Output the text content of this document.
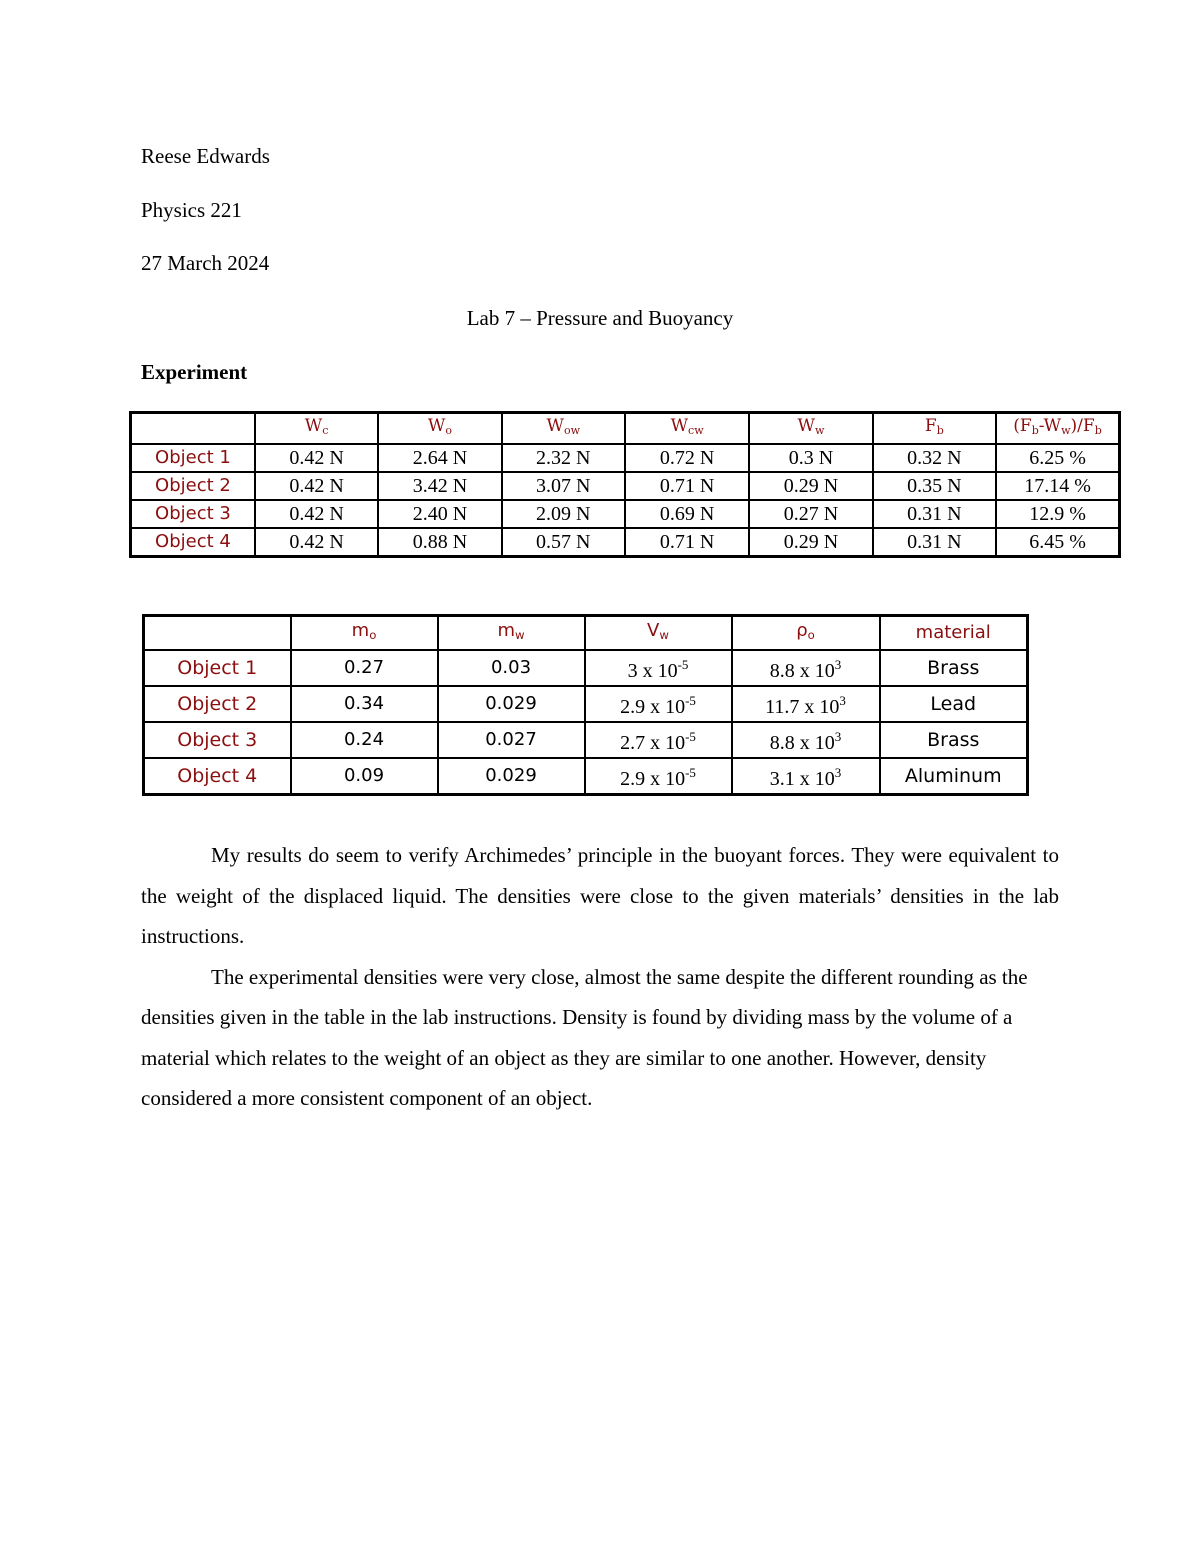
Reese Edwards
Physics 221
27 March 2024
Lab 7 – Pressure and Buoyancy
Experiment
	$W_c$	$W_o$	$W_{ow}$	$W_{cw}$	$W_w$	$F_b$	$(F_b-W_w)/F_b$
Object 1	0.42 N	2.64 N	2.32 N	0.72 N	0.3 N	0.32 N	6.25 %
Object 2	0.42 N	3.42 N	3.07 N	0.71 N	0.29 N	0.35 N	17.14 %
Object 3	0.42 N	2.40 N	2.09 N	0.69 N	0.27 N	0.31 N	12.9 %
Object 4	0.42 N	0.88 N	0.57 N	0.71 N	0.29 N	0.31 N	6.45 %
	$m_o$	$m_w$	$V_w$	$\rho_o$	material
Object 1	0.27	0.03	3 x $10^{-5}$	8.8 x $10^3$	Brass
Object 2	0.34	0.029	2.9 x $10^{-5}$	11.7 x $10^3$	Lead
Object 3	0.24	0.027	2.7 x $10^{-5}$	8.8 x $10^3$	Brass
Object 4	0.09	0.029	2.9 x $10^{-5}$	3.1 x $10^3$	Aluminum

My results do seem to verify Archimedes’ principle in the buoyant forces. They were equivalent to the weight of the displaced liquid. The densities were close to the given materials’ densities in the lab instructions.

The experimental densities were very close, almost the same despite the different rounding as the densities given in the table in the lab instructions. Density is found by dividing mass by the volume of a material which relates to the weight of an object as they are similar to one another. However, density considered a more consistent component of an object.
